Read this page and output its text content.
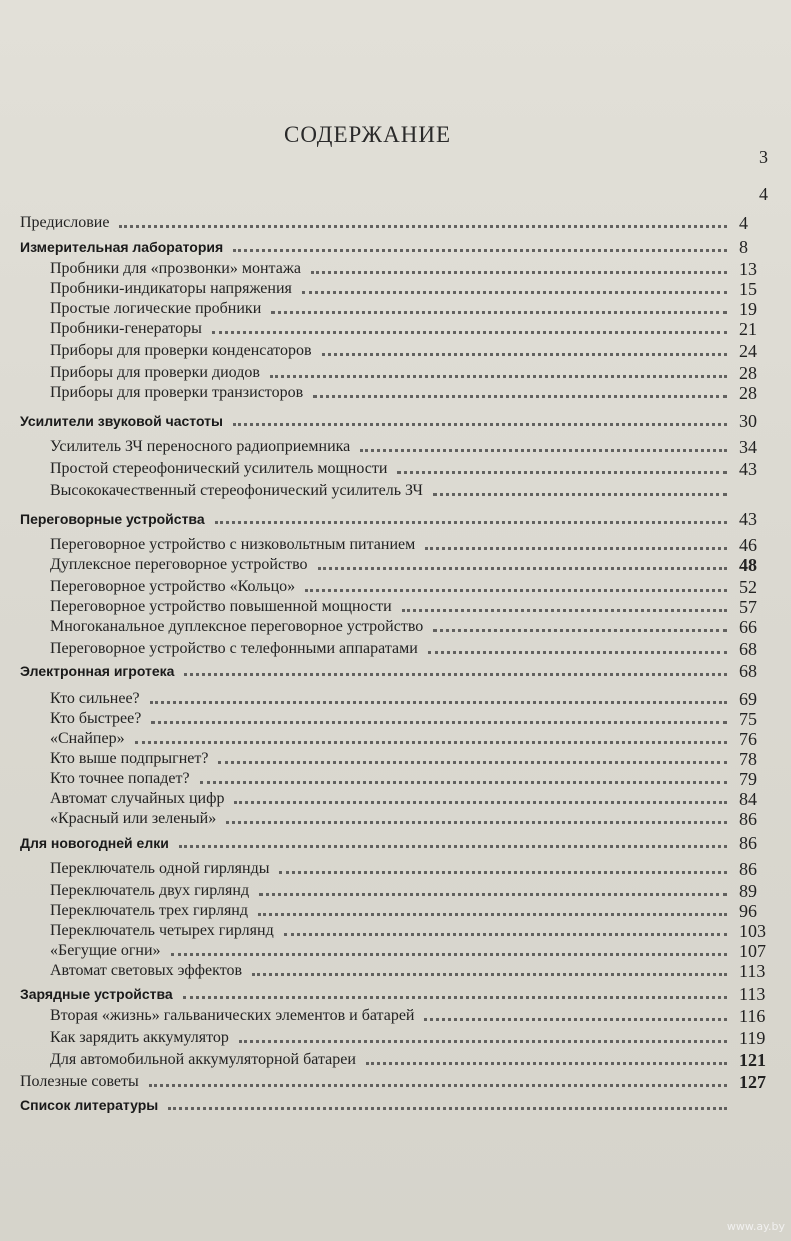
СОДЕРЖАНИЕ
3
4
Предисловие	4
Измерительная лаборатория	8
Пробники для «прозвонки» монтажа	13
Пробники-индикаторы напряжения	15
Простые логические пробники	19
Пробники-генераторы	21
Приборы для проверки конденсаторов	24
Приборы для проверки диодов	28
Приборы для проверки транзисторов	28
Усилители звуковой частоты	30
Усилитель ЗЧ переносного радиоприемника	34
Простой стереофонический усилитель мощности	43
Высококачественный стереофонический усилитель ЗЧ
Переговорные устройства	43
Переговорное устройство с низковольтным питанием	46
Дуплексное переговорное устройство	48
Переговорное устройство «Кольцо»	52
Переговорное устройство повышенной мощности	57
Многоканальное дуплексное переговорное устройство	66
Переговорное устройство с телефонными аппаратами	68
Электронная игротека	68
Кто сильнее?	69
Кто быстрее?	75
«Снайпер»	76
Кто выше подпрыгнет?	78
Кто точнее попадет?	79
Автомат случайных цифр	84
«Красный или зеленый»	86
Для новогодней елки	86
Переключатель одной гирлянды	86
Переключатель двух гирлянд	89
Переключатель трех гирлянд	96
Переключатель четырех гирлянд	103
«Бегущие огни»	107
Автомат световых эффектов	113
Зарядные устройства	113
Вторая «жизнь» гальванических элементов и батарей	116
Как зарядить аккумулятор	119
Для автомобильной аккумуляторной батареи	121
Полезные советы	127
Список литературы
www.ay.by
